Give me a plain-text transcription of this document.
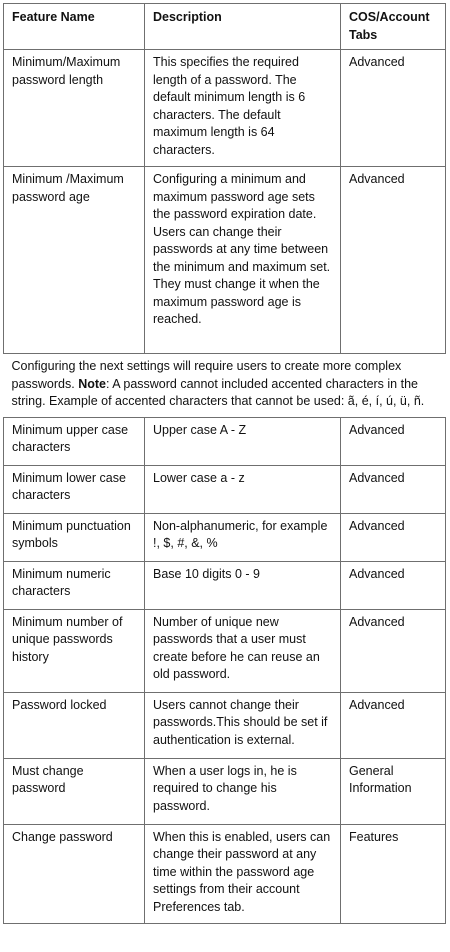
Feature Name	Description	COS/Account Tabs
Minimum/Maximum password length	This specifies the required length of a password. The default minimum length is 6 characters. The default maximum length is 64 characters.	Advanced
Minimum /Maximum password age	Configuring a minimum and maximum password age sets the password expiration date. Users can change their passwords at any time between the minimum and maximum set. They must change it when the maximum password age is reached.	Advanced
Configuring the next settings will require users to create more complex passwords. Note: A password cannot included accented characters in the string. Example of accented characters that cannot be used: ã, é, í, ú, ü, ñ.		
Minimum upper case characters	Upper case A - Z	Advanced
Minimum lower case characters	Lower case a - z	Advanced
Minimum punctuation symbols	Non-alphanumeric, for example !, $, #, &, %	Advanced
Minimum numeric characters	Base 10 digits 0 - 9	Advanced
Minimum number of unique passwords history	Number of unique new passwords that a user must create before he can reuse an old password.	Advanced
Password locked	Users cannot change their passwords.This should be set if authentication is external.	Advanced
Must change password	When a user logs in, he is required to change his password.	General Information
Change password	When this is enabled, users can change their password at any time within the password age settings from their account Preferences tab.	Features
